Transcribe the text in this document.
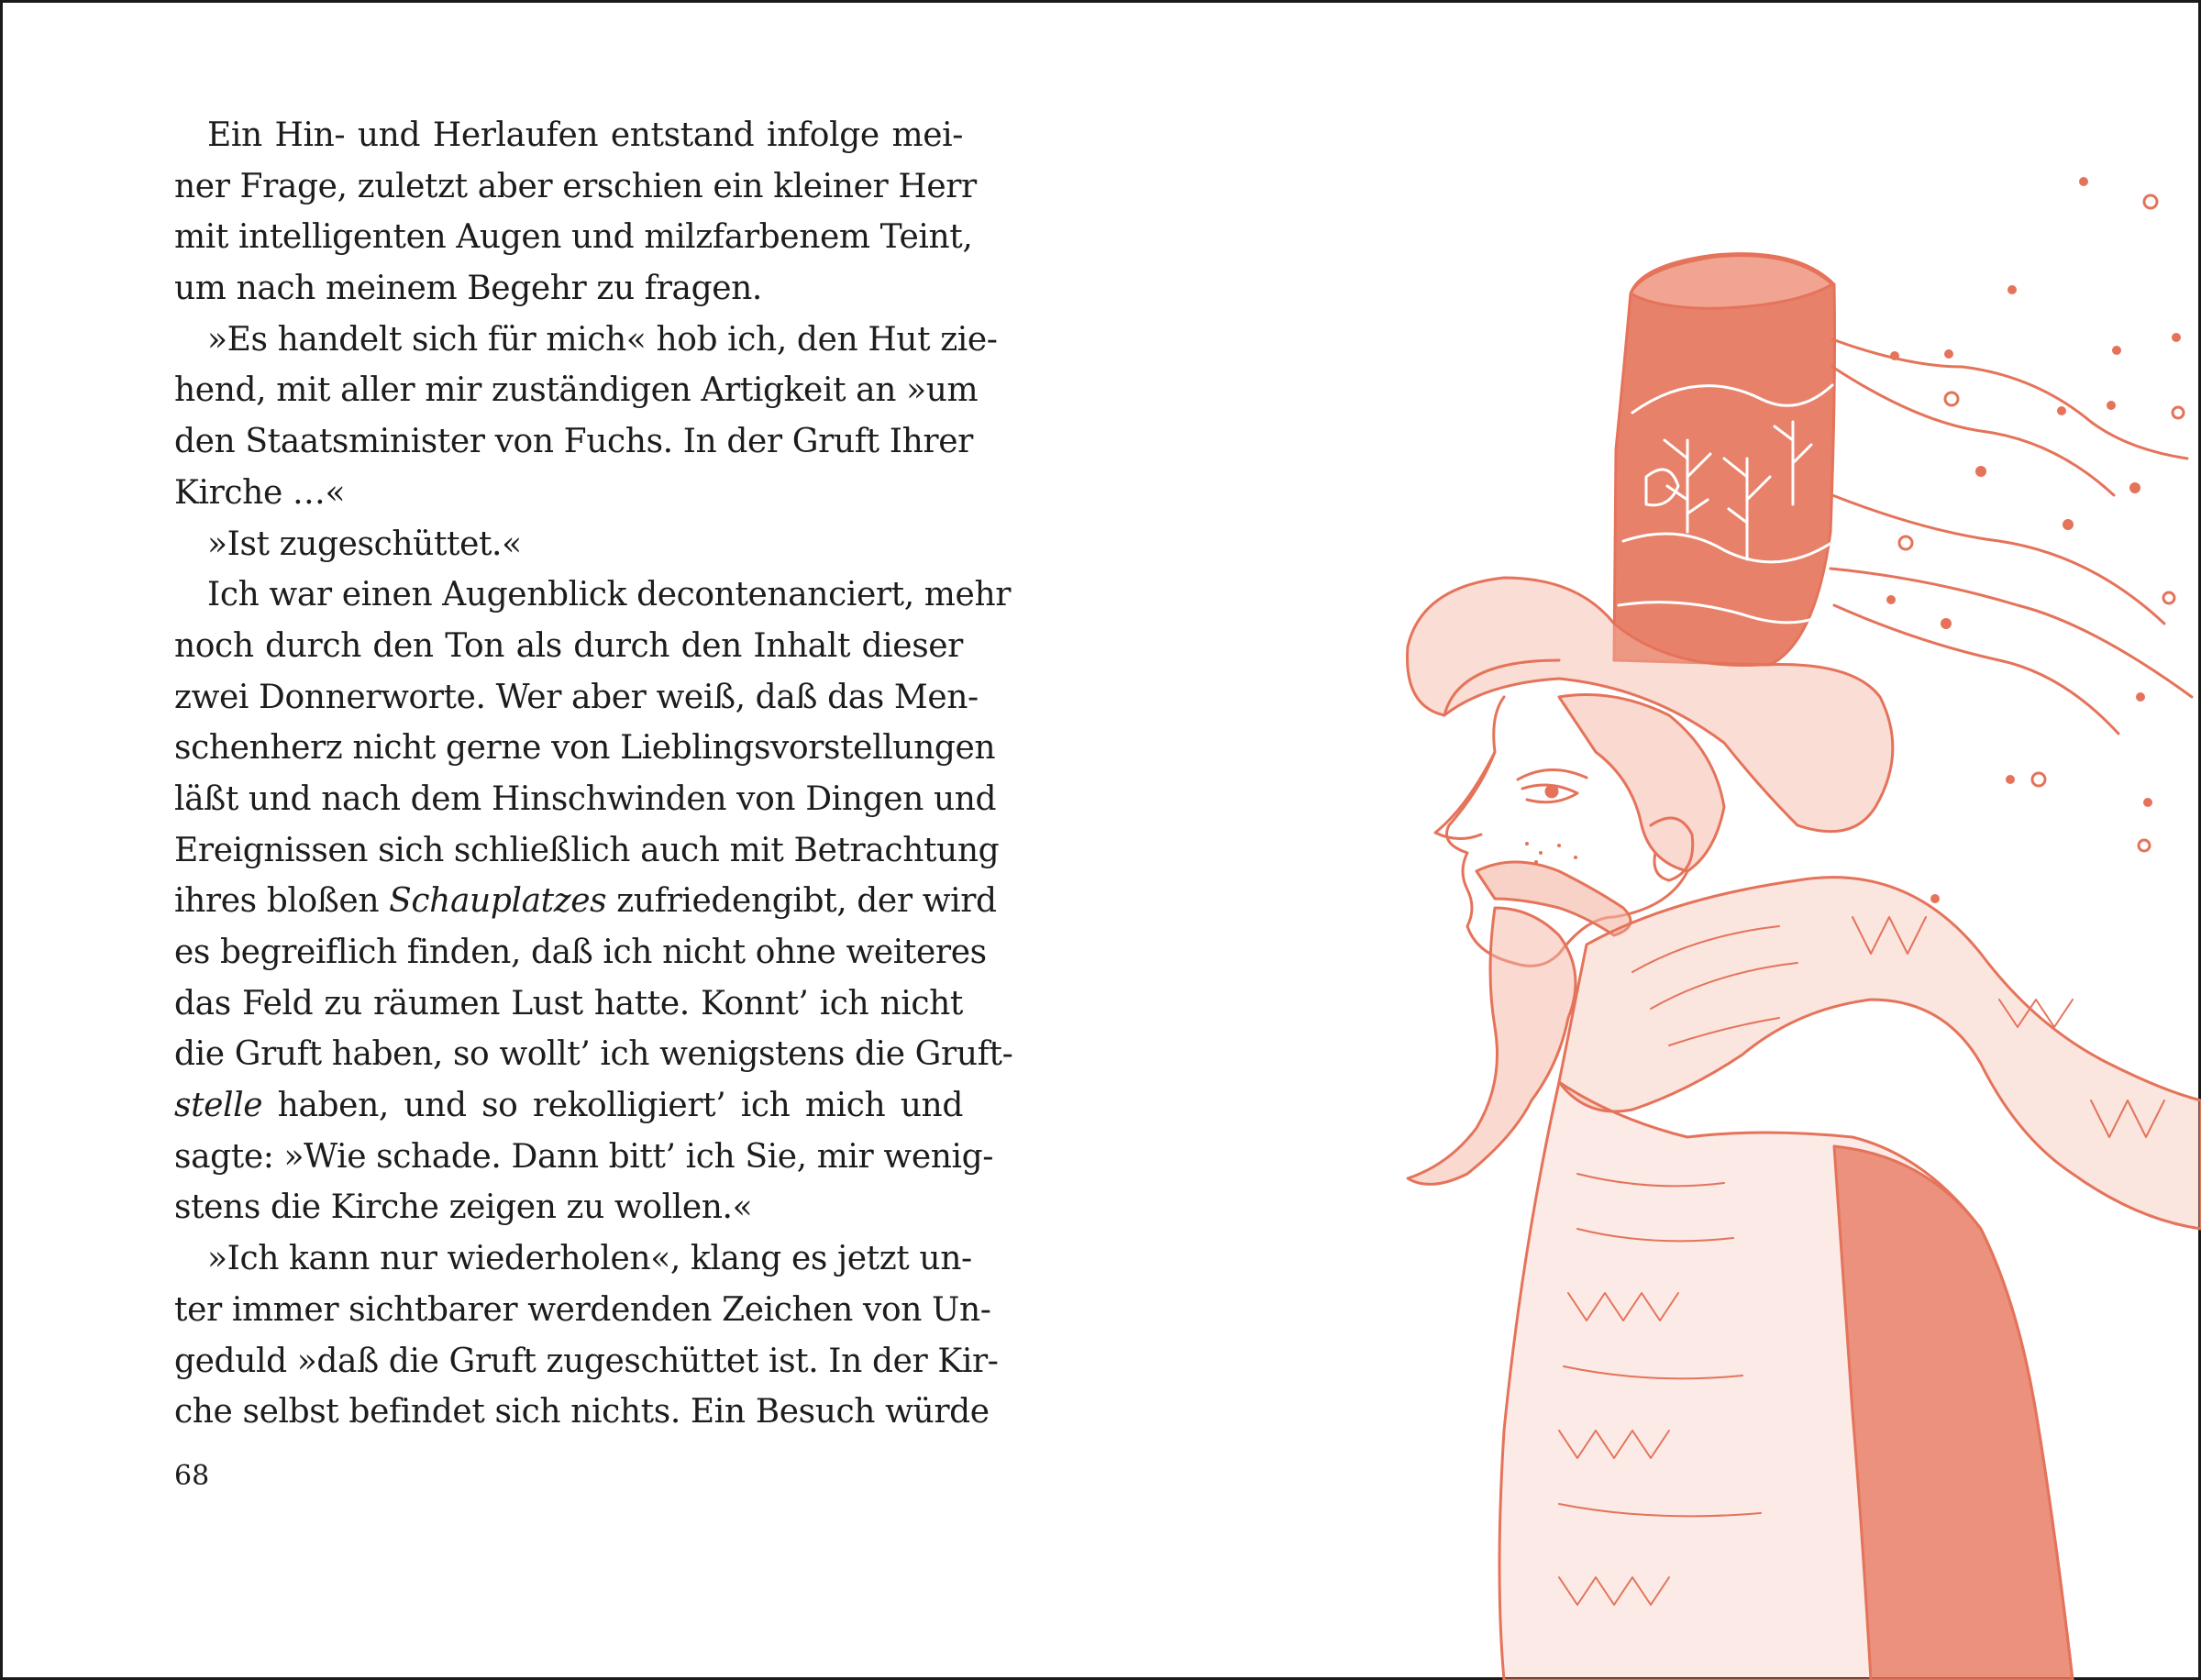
Ein Hin- und Herlaufen entstand infolge mei-
ner Frage, zuletzt aber erschien ein kleiner Herr
mit intelligenten Augen und milzfarbenem Teint,
um nach meinem Begehr zu fragen.
»Es handelt sich für mich« hob ich, den Hut zie-
hend, mit aller mir zuständigen Artigkeit an »um
den Staatsminister von Fuchs. In der Gruft Ihrer
Kirche …«
»Ist zugeschüttet.«
Ich war einen Augenblick decontenanciert, mehr
noch durch den Ton als durch den Inhalt dieser
zwei Donnerworte. Wer aber weiß, daß das Men-
schenherz nicht gerne von Lieblingsvorstellungen
läßt und nach dem Hinschwinden von Dingen und
Ereignissen sich schließlich auch mit Betrachtung
ihres bloßen Schauplatzes zufriedengibt, der wird
es begreiflich finden, daß ich nicht ohne weiteres
das Feld zu räumen Lust hatte. Konnt’ ich nicht
die Gruft haben, so wollt’ ich wenigstens die Gruft-
stelle haben, und so rekolligiert’ ich mich und
sagte: »Wie schade. Dann bitt’ ich Sie, mir wenig-
stens die Kirche zeigen zu wollen.«
»Ich kann nur wiederholen«, klang es jetzt un-
ter immer sichtbarer werdenden Zeichen von Un-
geduld »daß die Gruft zugeschüttet ist. In der Kir-
che selbst befindet sich nichts. Ein Besuch würde
68
